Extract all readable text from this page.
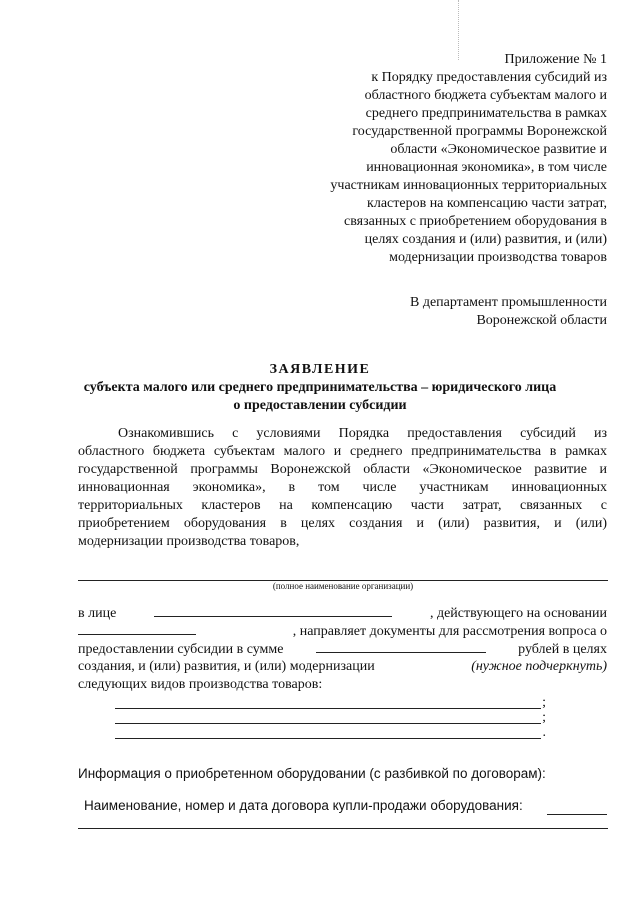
Приложение № 1
к Порядку предоставления субсидий из
областного бюджета субъектам малого и
среднего предпринимательства в рамках
государственной программы Воронежской
области «Экономическое развитие и
инновационная экономика», в том числе
участникам инновационных территориальных
кластеров на компенсацию части затрат,
связанных с приобретением оборудования в
целях создания и (или) развития, и (или)
модернизации производства товаров
В департамент промышленности
Воронежской области
ЗАЯВЛЕНИЕ
субъекта малого или среднего предпринимательства – юридического лица
о предоставлении субсидии
Ознакомившись с условиями Порядка предоставления субсидий из
областного бюджета субъектам малого и среднего предпринимательства в рамках
государственной программы Воронежской области «Экономическое развитие и
инновационная экономика», в том числе участникам инновационных
территориальных кластеров на компенсацию части затрат, связанных с
приобретением оборудования в целях создания и (или) развития, и (или)
модернизации производства товаров,
(полное наименование организации)
в лице	, действующего на основании
, направляет документы для рассмотрения вопроса о
предоставлении субсидии в сумме	рублей в целях
создания, и (или) развития, и (или) модернизации	(нужное подчеркнуть)
следующих видов производства товаров:
;
;
.
Информация о приобретенном оборудовании (с разбивкой по договорам):
Наименование, номер и дата договора купли-продажи оборудования:
